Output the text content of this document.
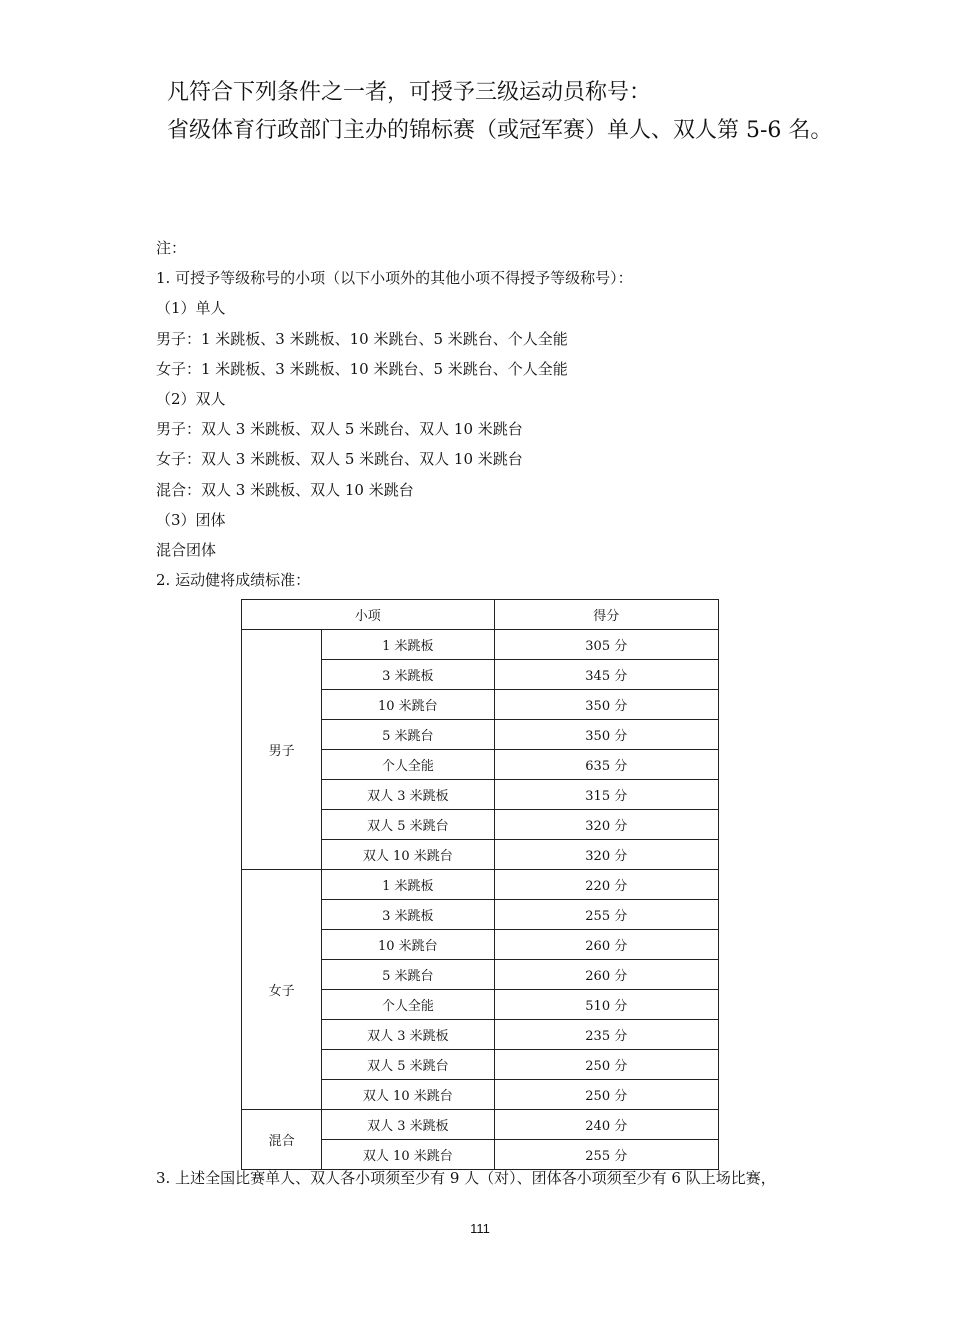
凡符合下列条件之一者，可授予三级运动员称号：
省级体育行政部门主办的锦标赛（或冠军赛）单人、双人第 5-6 名。
注：
1. 可授予等级称号的小项（以下小项外的其他小项不得授予等级称号）：
（1）单人
男子：1 米跳板、3 米跳板、10 米跳台、5 米跳台、个人全能
女子：1 米跳板、3 米跳板、10 米跳台、5 米跳台、个人全能
（2）双人
男子：双人 3 米跳板、双人 5 米跳台、双人 10 米跳台
女子：双人 3 米跳板、双人 5 米跳台、双人 10 米跳台
混合：双人 3 米跳板、双人 10 米跳台
（3）团体
混合团体
2. 运动健将成绩标准：
小项		得分
男子	1 米跳板	305 分
	3 米跳板	345 分
	10 米跳台	350 分
	5 米跳台	350 分
	个人全能	635 分
	双人 3 米跳板	315 分
	双人 5 米跳台	320 分
	双人 10 米跳台	320 分
女子	1 米跳板	220 分
	3 米跳板	255 分
	10 米跳台	260 分
	5 米跳台	260 分
	个人全能	510 分
	双人 3 米跳板	235 分
	双人 5 米跳台	250 分
	双人 10 米跳台	250 分
混合	双人 3 米跳板	240 分
	双人 10 米跳台	255 分
3. 上述全国比赛单人、双人各小项须至少有 9 人（对）、团体各小项须至少有 6 队上场比赛，
111
